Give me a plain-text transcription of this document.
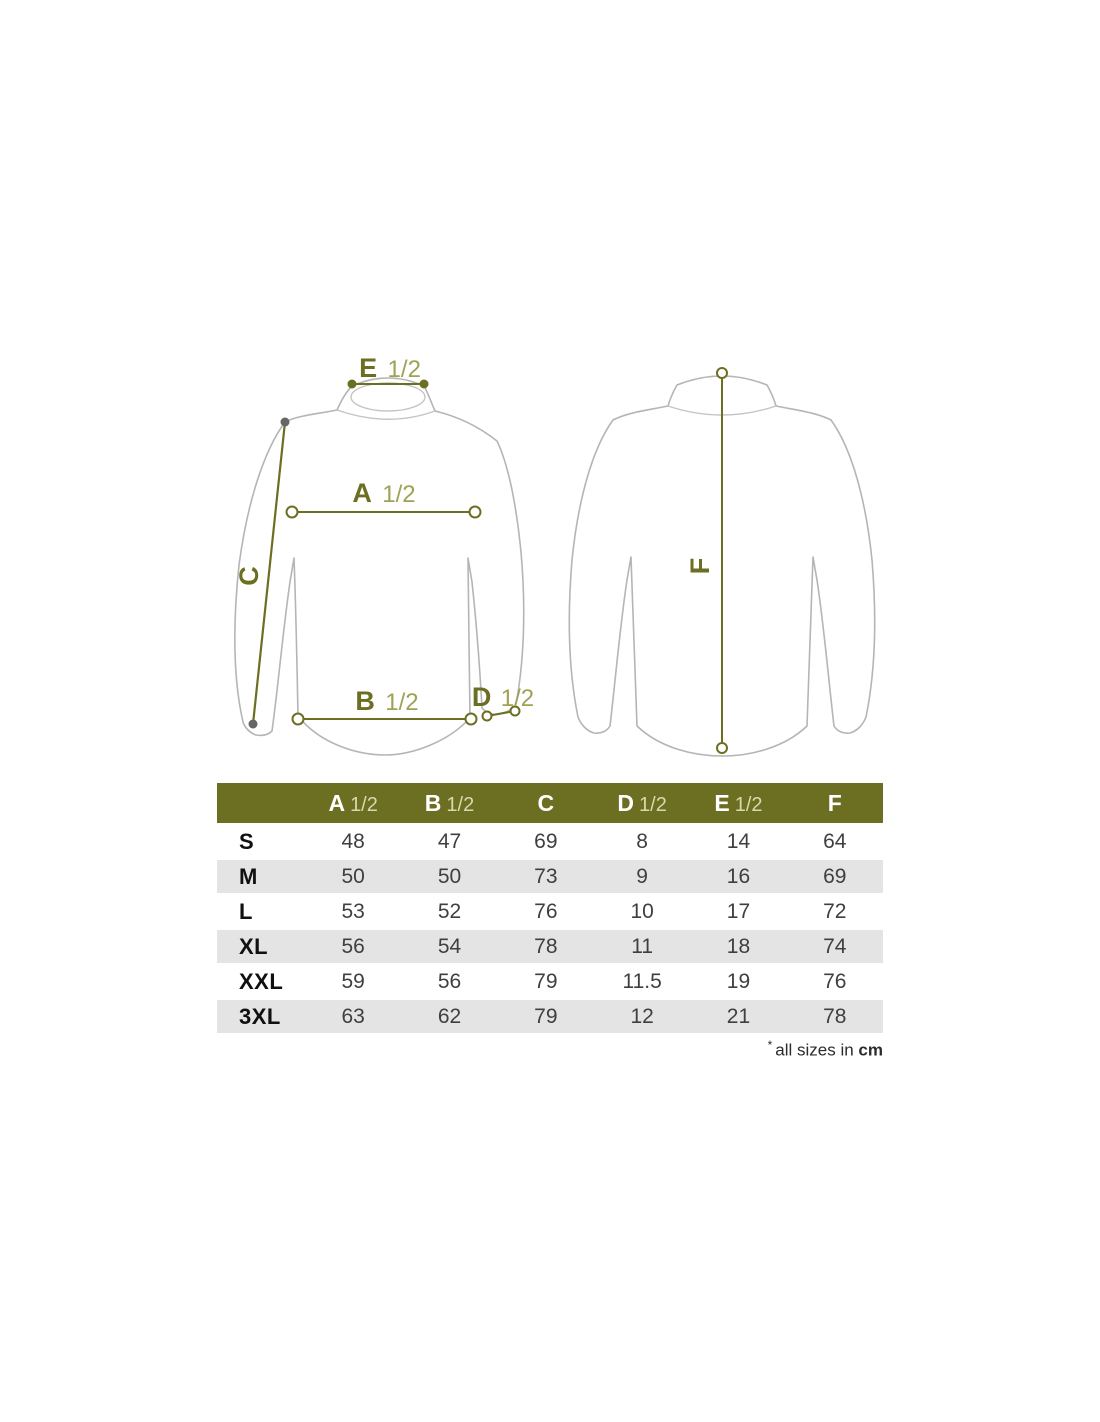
E 1/2
A 1/2
C
B 1/2 D 1/2
F
A 1/2	B 1/2	C	D 1/2	E 1/2	F
S	48	47	69	8	14	64
M	50	50	73	9	16	69
L	53	52	76	10	17	72
XL	56	54	78	11	18	74
XXL	59	56	79	11.5	19	76
3XL	63	62	79	12	21	78
* all sizes in cm
